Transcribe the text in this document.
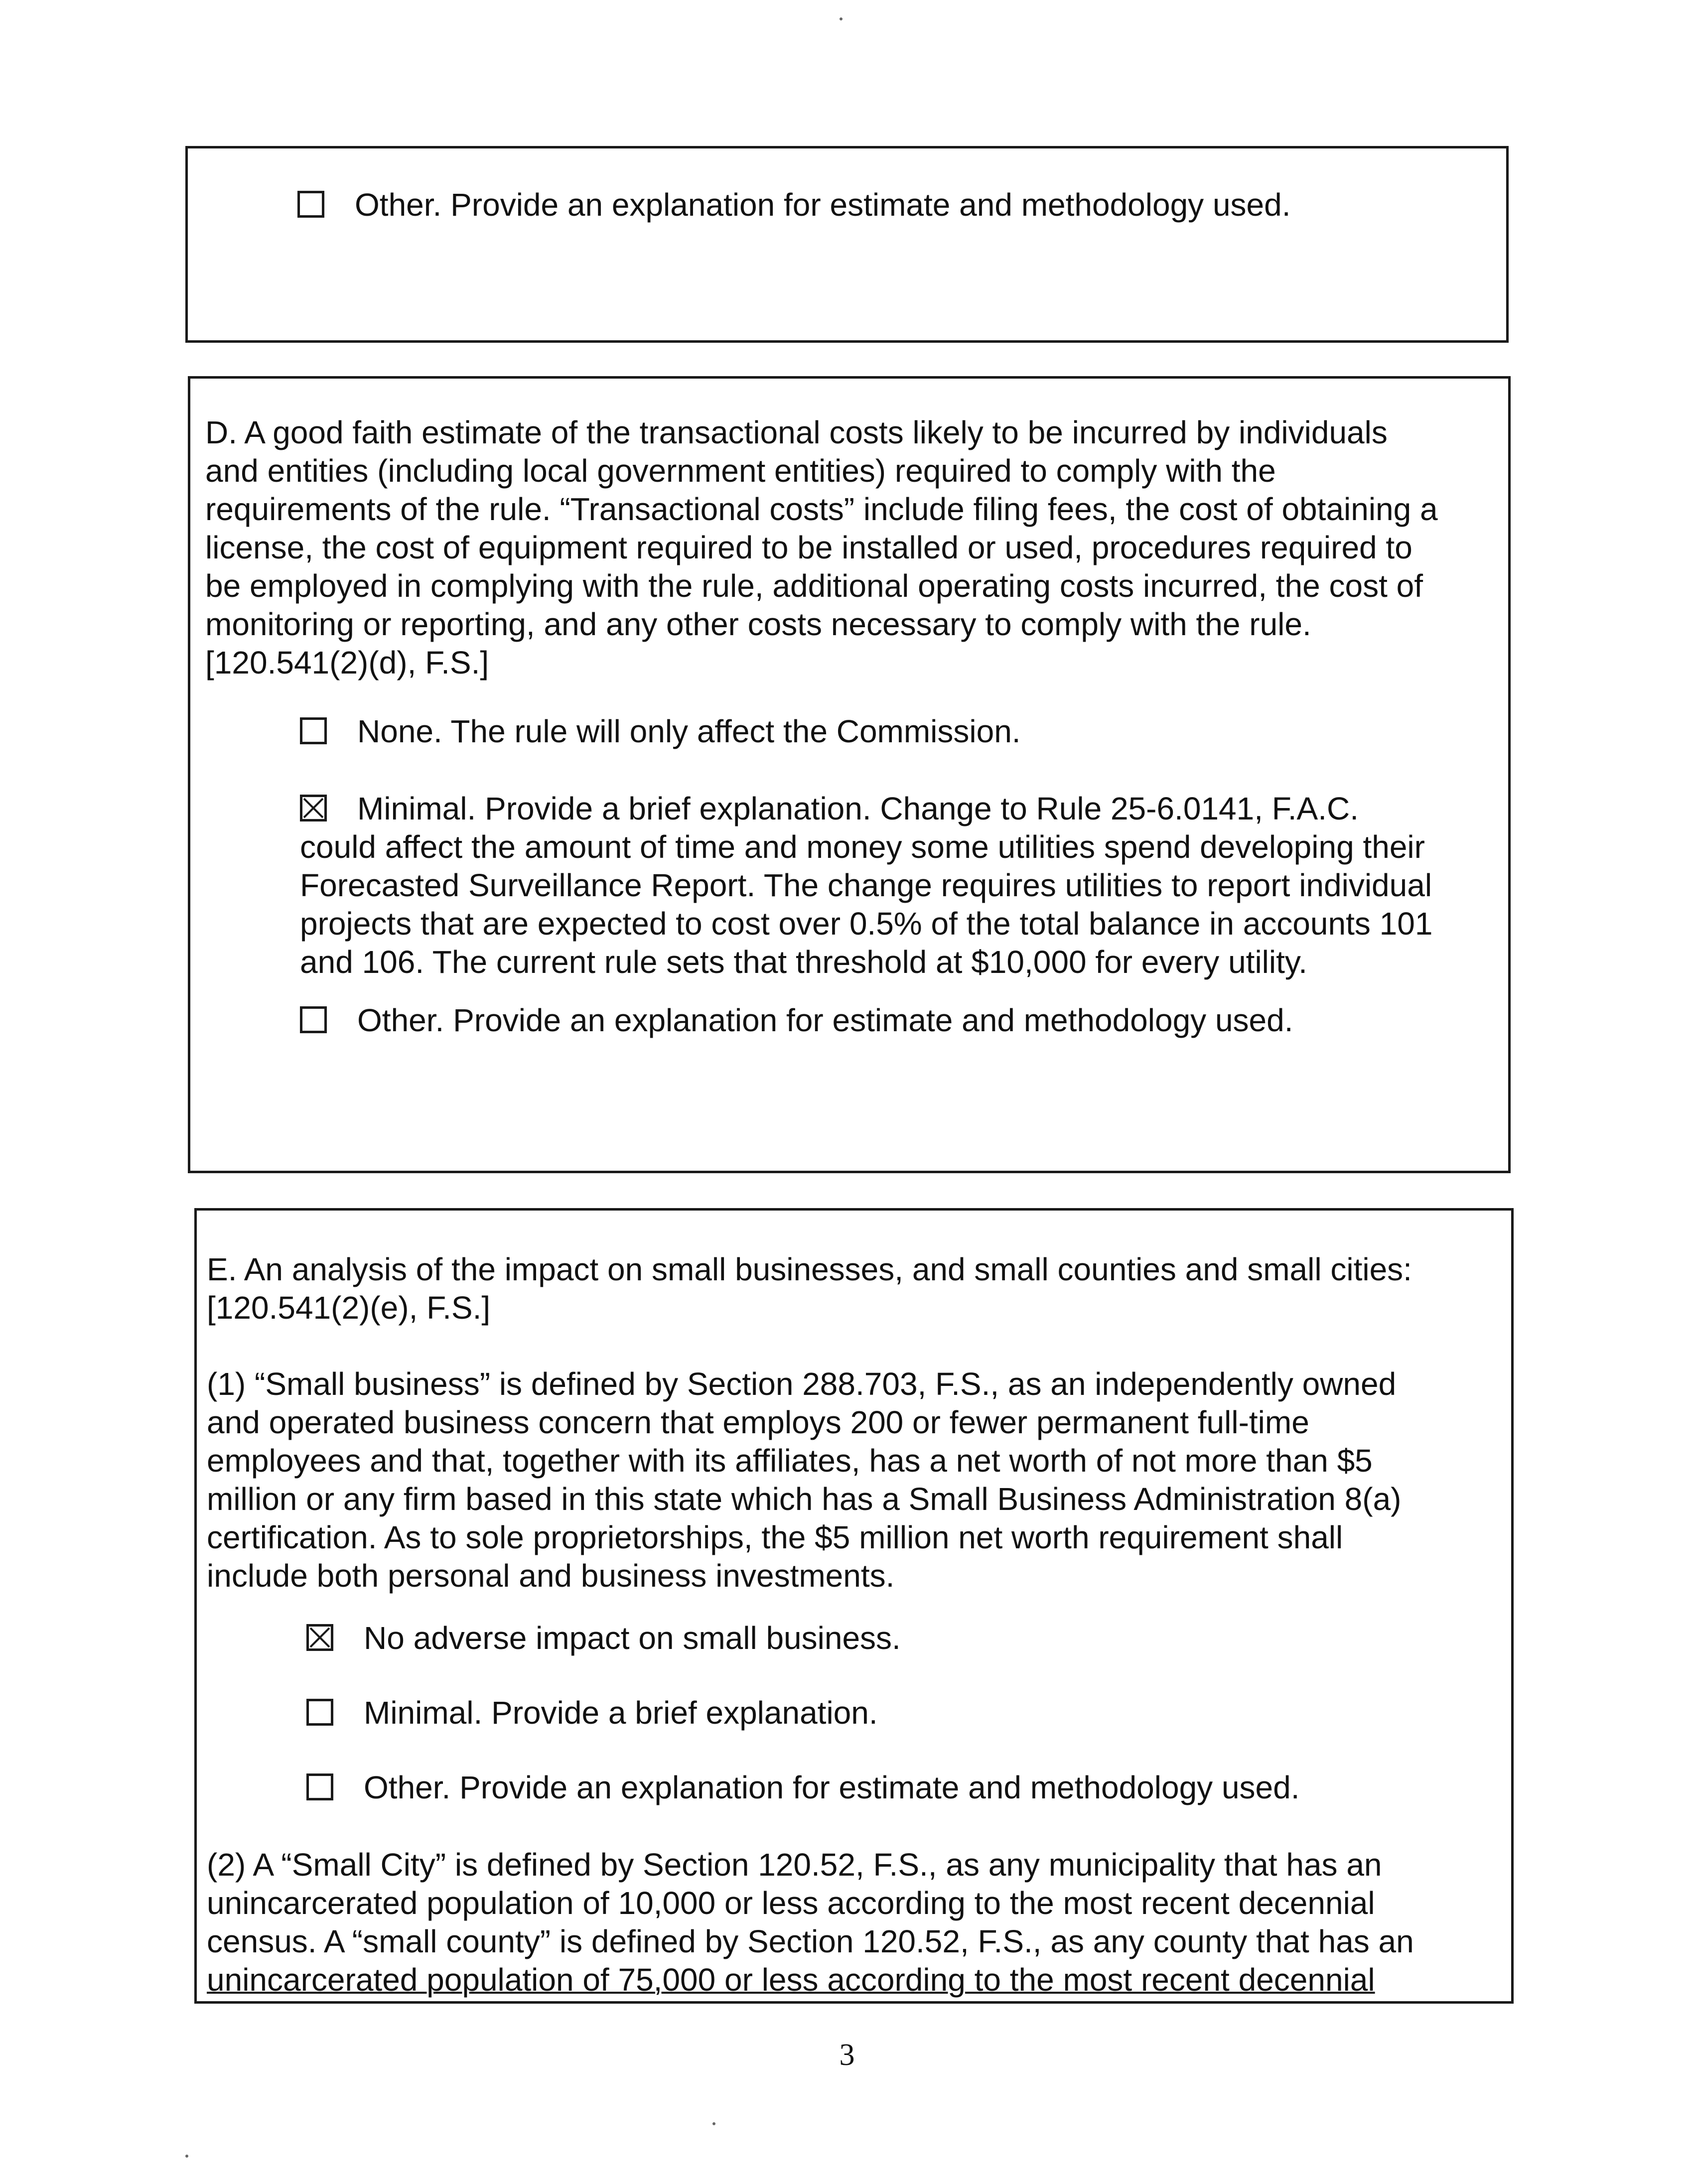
Other. Provide an explanation for estimate and methodology used.
D. A good faith estimate of the transactional costs likely to be incurred by individuals
and entities (including local government entities) required to comply with the
requirements of the rule. “Transactional costs” include filing fees, the cost of obtaining a
license, the cost of equipment required to be installed or used, procedures required to
be employed in complying with the rule, additional operating costs incurred, the cost of
monitoring or reporting, and any other costs necessary to comply with the rule.
[120.541(2)(d), F.S.]
None. The rule will only affect the Commission.
Minimal. Provide a brief explanation. Change to Rule 25-6.0141, F.A.C.
could affect the amount of time and money some utilities spend developing their
Forecasted Surveillance Report. The change requires utilities to report individual
projects that are expected to cost over 0.5% of the total balance in accounts 101
and 106. The current rule sets that threshold at $10,000 for every utility.
Other. Provide an explanation for estimate and methodology used.
E. An analysis of the impact on small businesses, and small counties and small cities:
[120.541(2)(e), F.S.]
(1) “Small business” is defined by Section 288.703, F.S., as an independently owned
and operated business concern that employs 200 or fewer permanent full-time
employees and that, together with its affiliates, has a net worth of not more than $5
million or any firm based in this state which has a Small Business Administration 8(a)
certification. As to sole proprietorships, the $5 million net worth requirement shall
include both personal and business investments.
No adverse impact on small business.
Minimal. Provide a brief explanation.
Other. Provide an explanation for estimate and methodology used.
(2) A “Small City” is defined by Section 120.52, F.S., as any municipality that has an
unincarcerated population of 10,000 or less according to the most recent decennial
census. A “small county” is defined by Section 120.52, F.S., as any county that has an
unincarcerated population of 75,000 or less according to the most recent decennial
3
